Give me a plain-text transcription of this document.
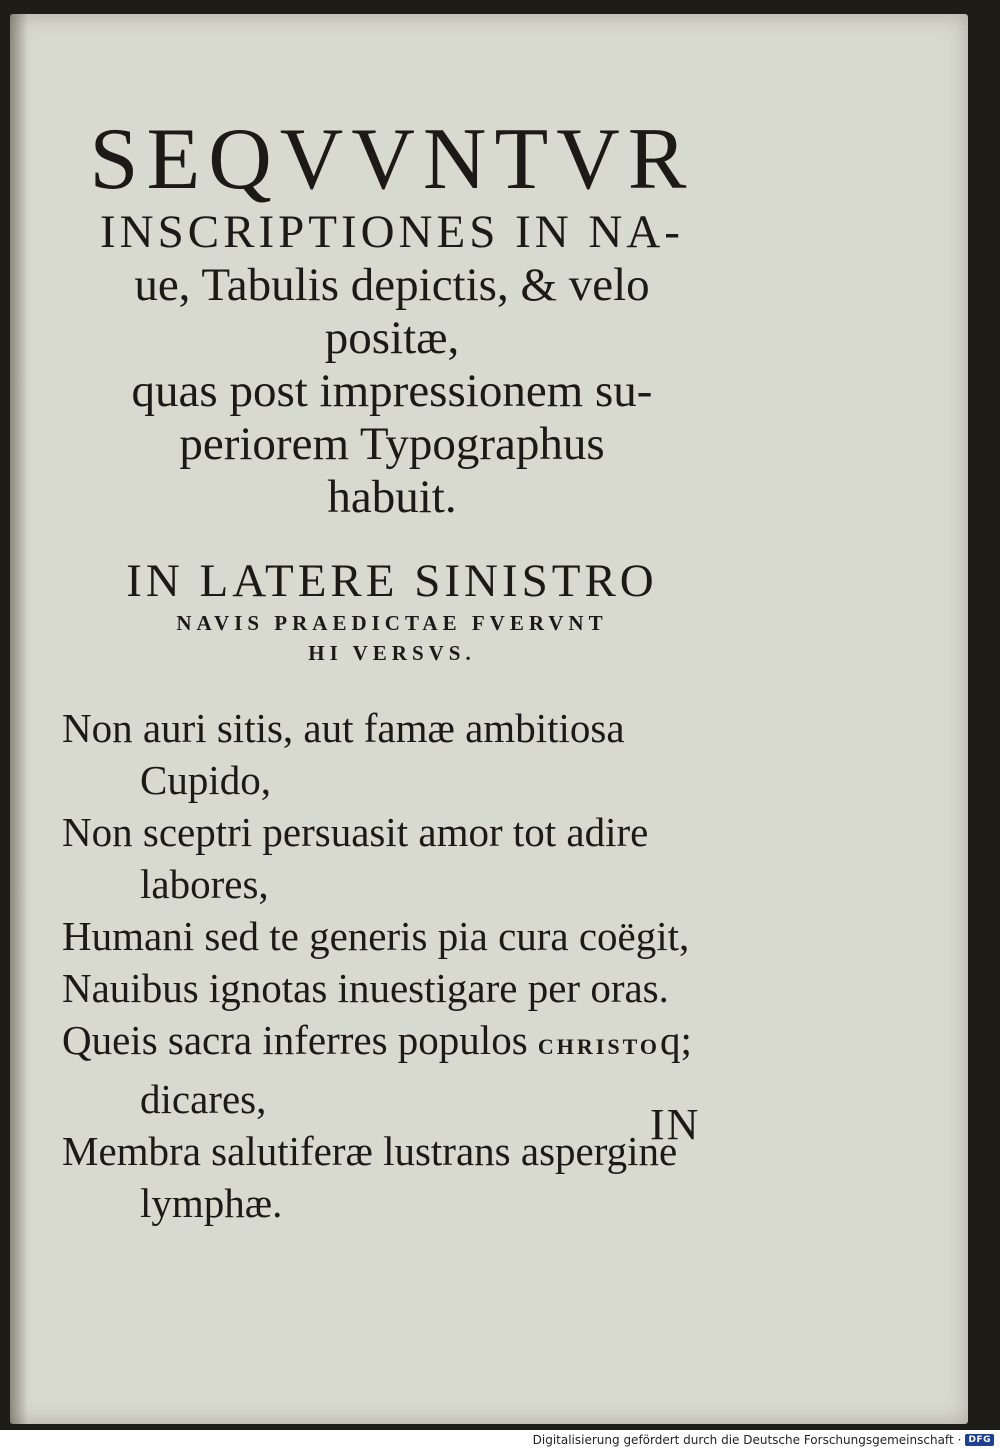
SEQVVNTVR
INSCRIPTIONES IN NA-
ue, Tabulis depictis, & velo positæ,
quas post impressionem su-
periorem Typographus
habuit.
IN LATERE SINISTRO
NAVIS PRAEDICTAE FVERVNT
HI VERSVS.
Non auri sitis, aut famæ ambitiosa
Cupido,
Non sceptri persuasit amor tot adire
labores,
Humani sed te generis pia cura coëgit,
Nauibus ignotas inuestigare per oras.
Queis sacra inferres populos CHRISTOq;
dicares,
Membra salutiferæ lustrans aspergine
lymphæ.
IN
Digitalisierung gefördert durch die Deutsche Forschungsgemeinschaft · DFG
